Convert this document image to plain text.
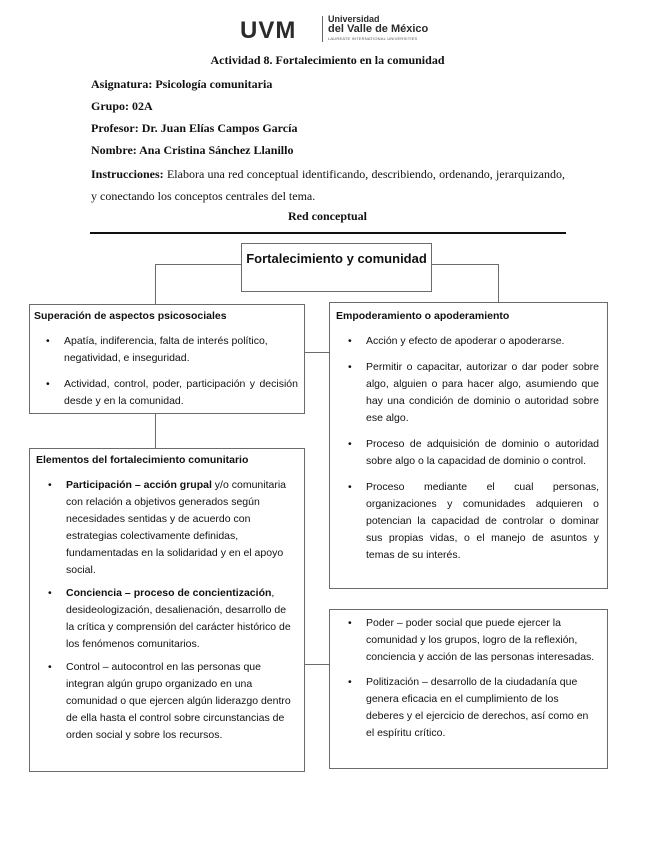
UVM	Universidad
del Valle de México
LAUREATE INTERNATIONAL UNIVERSITIES
Actividad 8. Fortalecimiento en la comunidad
Asignatura: Psicología comunitaria
Grupo: 02A
Profesor: Dr. Juan Elías Campos García
Nombre: Ana Cristina Sánchez Llanillo
Instrucciones: Elabora una red conceptual identificando, describiendo, ordenando, jerarquizando, y conectando los conceptos centrales del tema.
Red conceptual
Fortalecimiento y comunidad
Superación de aspectos psicosociales
• Apatía, indiferencia, falta de interés político, negatividad, e inseguridad.
• Actividad, control, poder, participación y decisión desde y en la comunidad.
Empoderamiento o apoderamiento
• Acción y efecto de apoderar o apoderarse.
• Permitir o capacitar, autorizar o dar poder sobre algo, alguien o para hacer algo, asumiendo que hay una condición de dominio o autoridad sobre ese algo.
• Proceso de adquisición de dominio o autoridad sobre algo o la capacidad de dominio o control.
• Proceso mediante el cual personas, organizaciones y comunidades adquieren o potencian la capacidad de controlar o dominar sus propias vidas, o el manejo de asuntos y temas de su interés.
Elementos del fortalecimiento comunitario
• Participación – acción grupal y/o comunitaria con relación a objetivos generados según necesidades sentidas y de acuerdo con estrategias colectivamente definidas, fundamentadas en la solidaridad y en el apoyo social.
• Conciencia – proceso de concientización, desideologización, desalienación, desarrollo de la crítica y comprensión del carácter histórico de los fenómenos comunitarios.
• Control – autocontrol en las personas que integran algún grupo organizado en una comunidad o que ejercen algún liderazgo dentro de ella hasta el control sobre circunstancias de orden social y sobre los recursos.
• Poder – poder social que puede ejercer la comunidad y los grupos, logro de la reflexión, conciencia y acción de las personas interesadas.
• Politización – desarrollo de la ciudadanía que genera eficacia en el cumplimiento de los deberes y el ejercicio de derechos, así como en el espíritu crítico.
